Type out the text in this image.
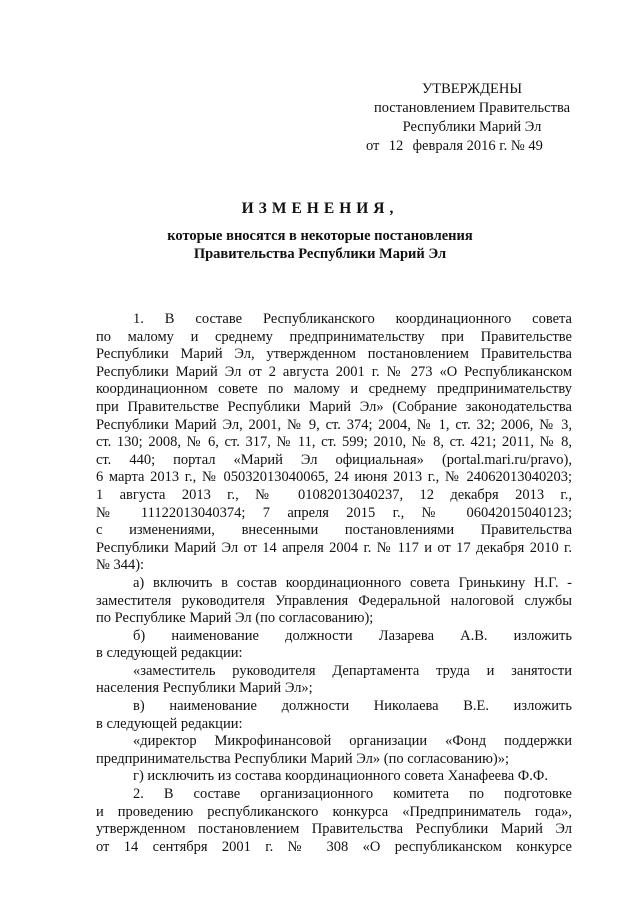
УТВЕРЖДЕНЫ
постановлением Правительства
Республики Марий Эл
от 12 февраля 2016 г. № 49
ИЗМЕНЕНИЯ,
которые вносятся в некоторые постановления
Правительства Республики Марий Эл

1. В составе Республиканского координационного совета

по малому и среднему предпринимательству при Правительстве

Республики Марий Эл, утвержденном постановлением Правительства

Республики Марий Эл от 2 августа 2001 г. № 273 «О Республиканском

координационном совете по малому и среднему предпринимательству

при Правительстве Республики Марий Эл» (Собрание законодательства

Республики Марий Эл, 2001, № 9, ст. 374; 2004, № 1, ст. 32; 2006, № 3,

ст. 130; 2008, № 6, ст. 317, № 11, ст. 599; 2010, № 8, ст. 421; 2011, № 8,

ст. 440; портал «Марий Эл официальная» (portal.mari.ru/pravo),

6 марта 2013 г., № 05032013040065, 24 июня 2013 г., № 24062013040203;

1 августа 2013 г., № 01082013040237, 12 декабря 2013 г.,

№ 11122013040374; 7 апреля 2015 г., № 06042015040123;

с изменениями, внесенными постановлениями Правительства

Республики Марий Эл от 14 апреля 2004 г. № 117 и от 17 декабря 2010 г.

№ 344):

а) включить в состав координационного совета Гринькину Н.Г. -

заместителя руководителя Управления Федеральной налоговой службы

по Республике Марий Эл (по согласованию);

б) наименование должности Лазарева А.В. изложить

в следующей редакции:

«заместитель руководителя Департамента труда и занятости

населения Республики Марий Эл»;

в) наименование должности Николаева В.Е. изложить

в следующей редакции:

«директор Микрофинансовой организации «Фонд поддержки

предпринимательства Республики Марий Эл» (по согласованию)»;

г) исключить из состава координационного совета Ханафеева Ф.Ф.

2. В составе организационного комитета по подготовке

и проведению республиканского конкурса «Предприниматель года»,

утвержденном постановлением Правительства Республики Марий Эл

от 14 сентября 2001 г. № 308 «О республиканском конкурсе
